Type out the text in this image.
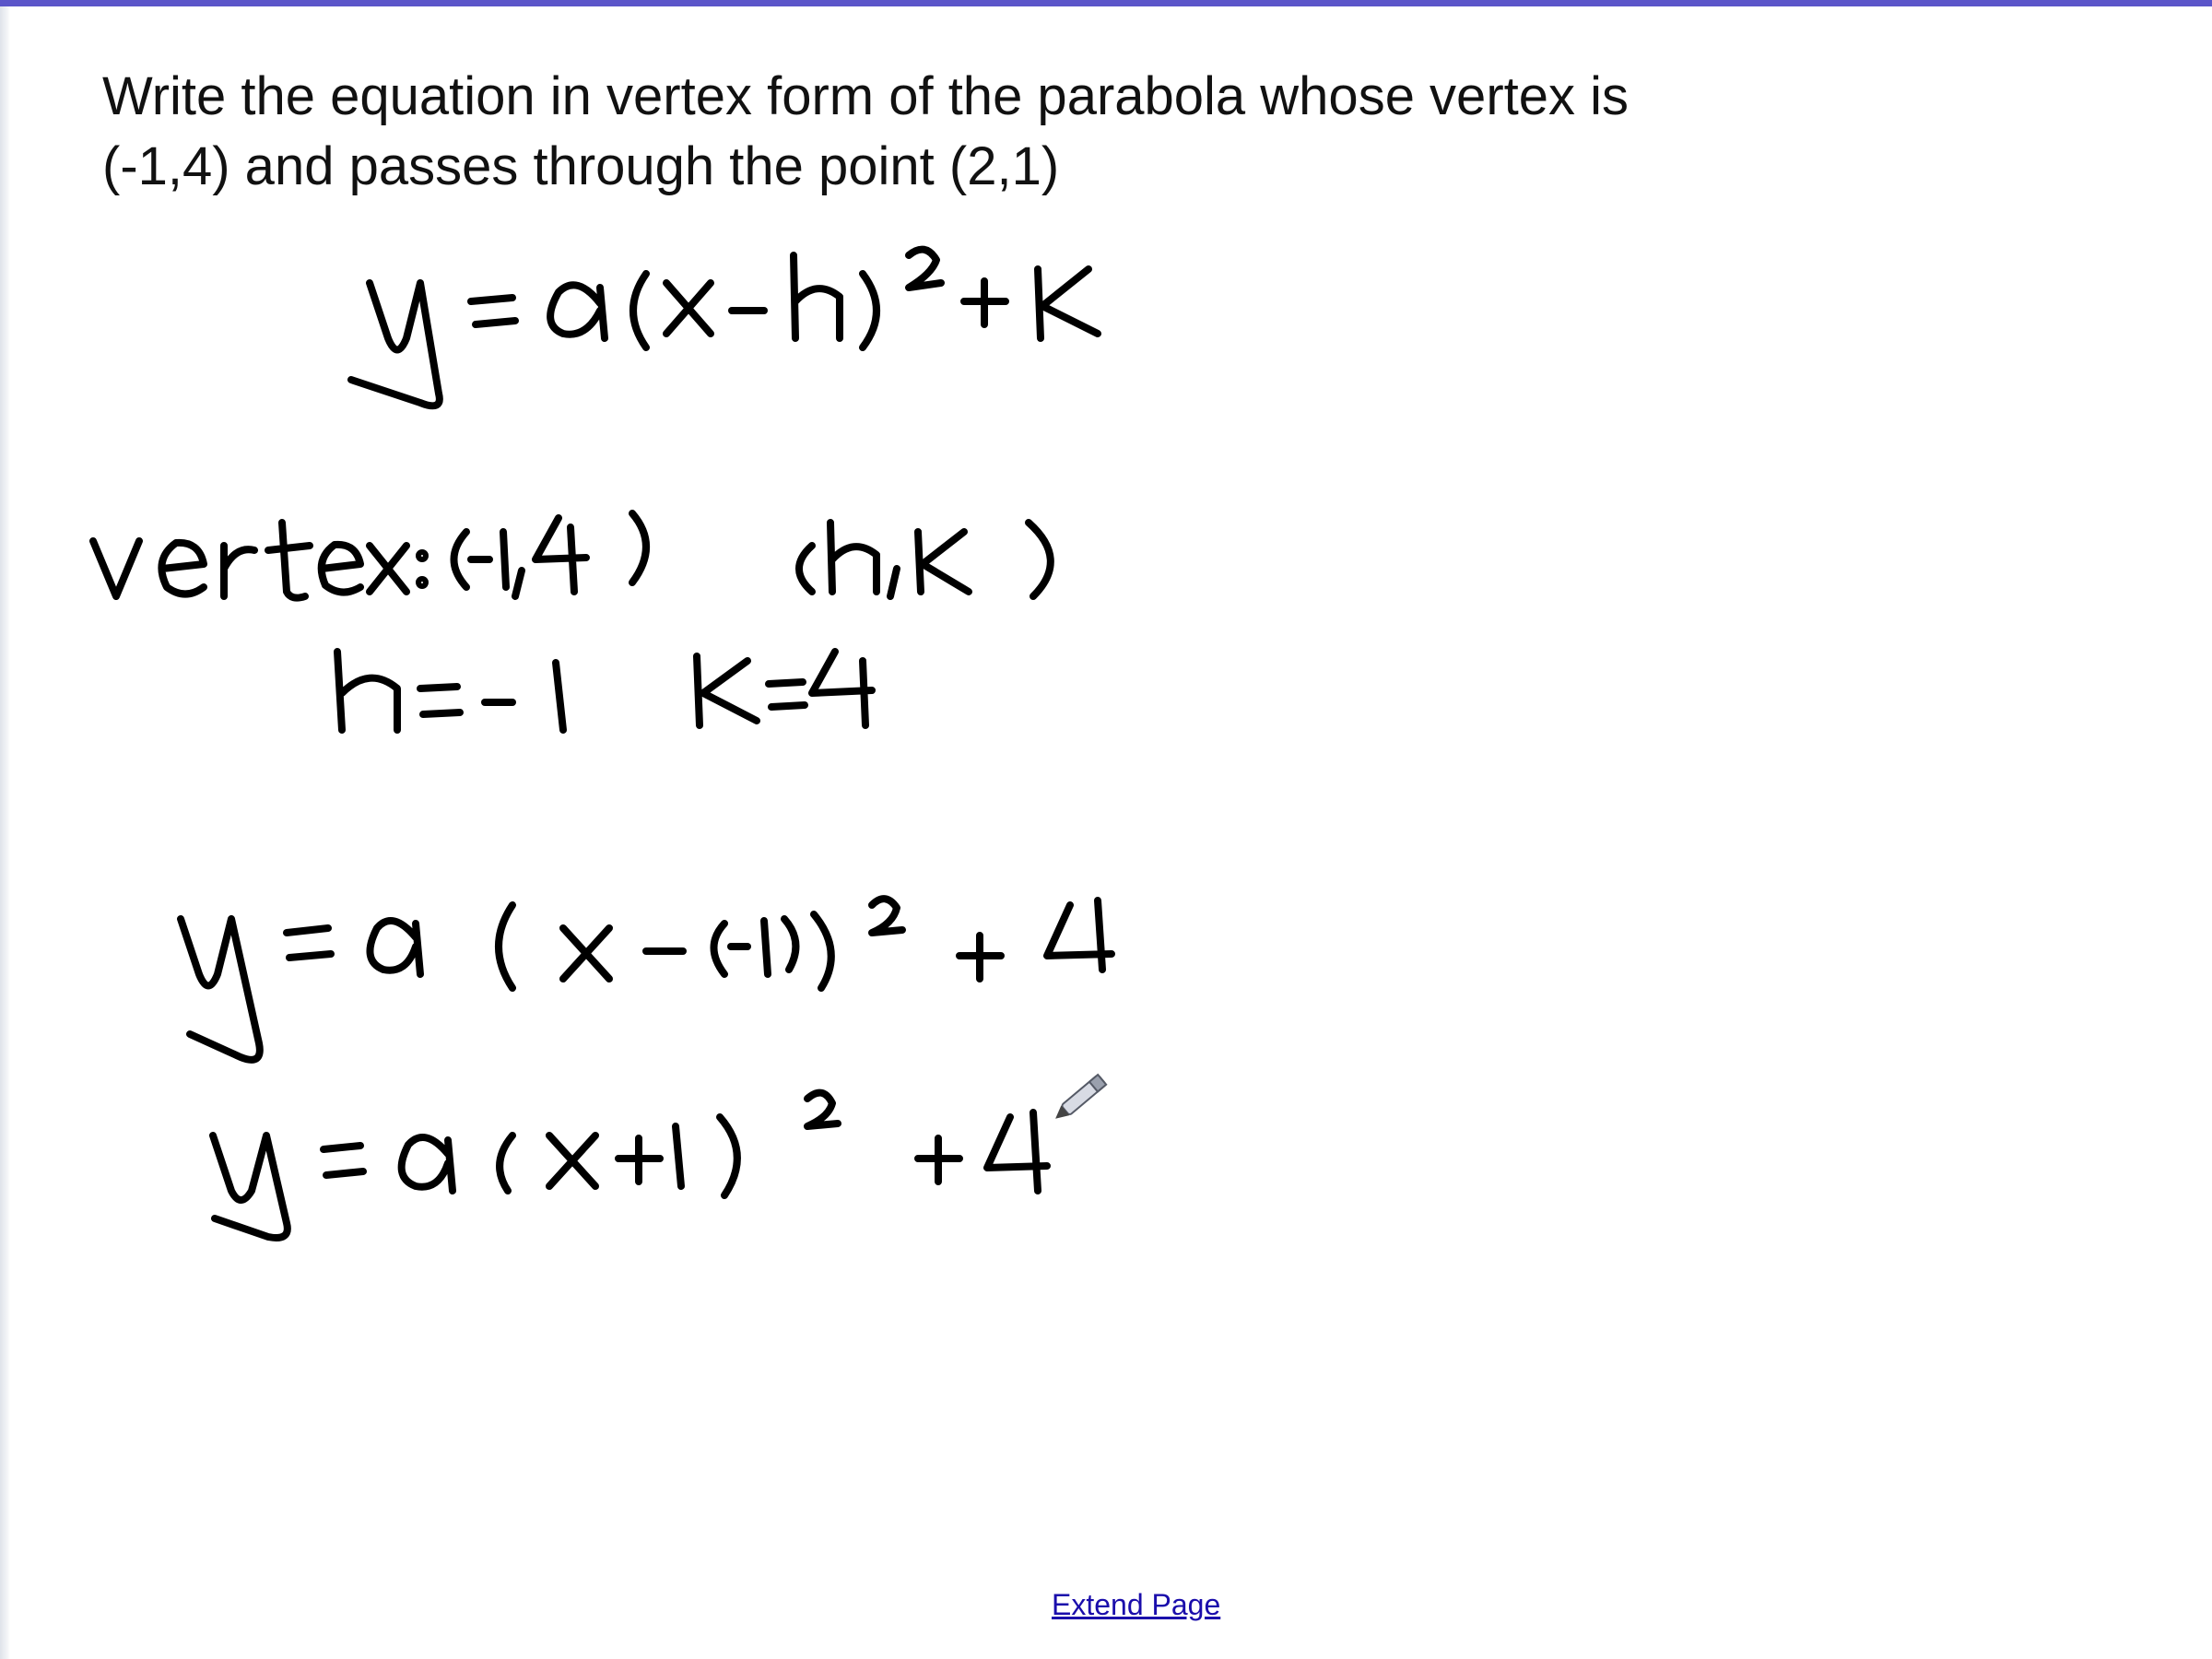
Write the equation in vertex form of the parabola whose vertex is
(-1,4) and passes through the point (2,1)
Extend Page
